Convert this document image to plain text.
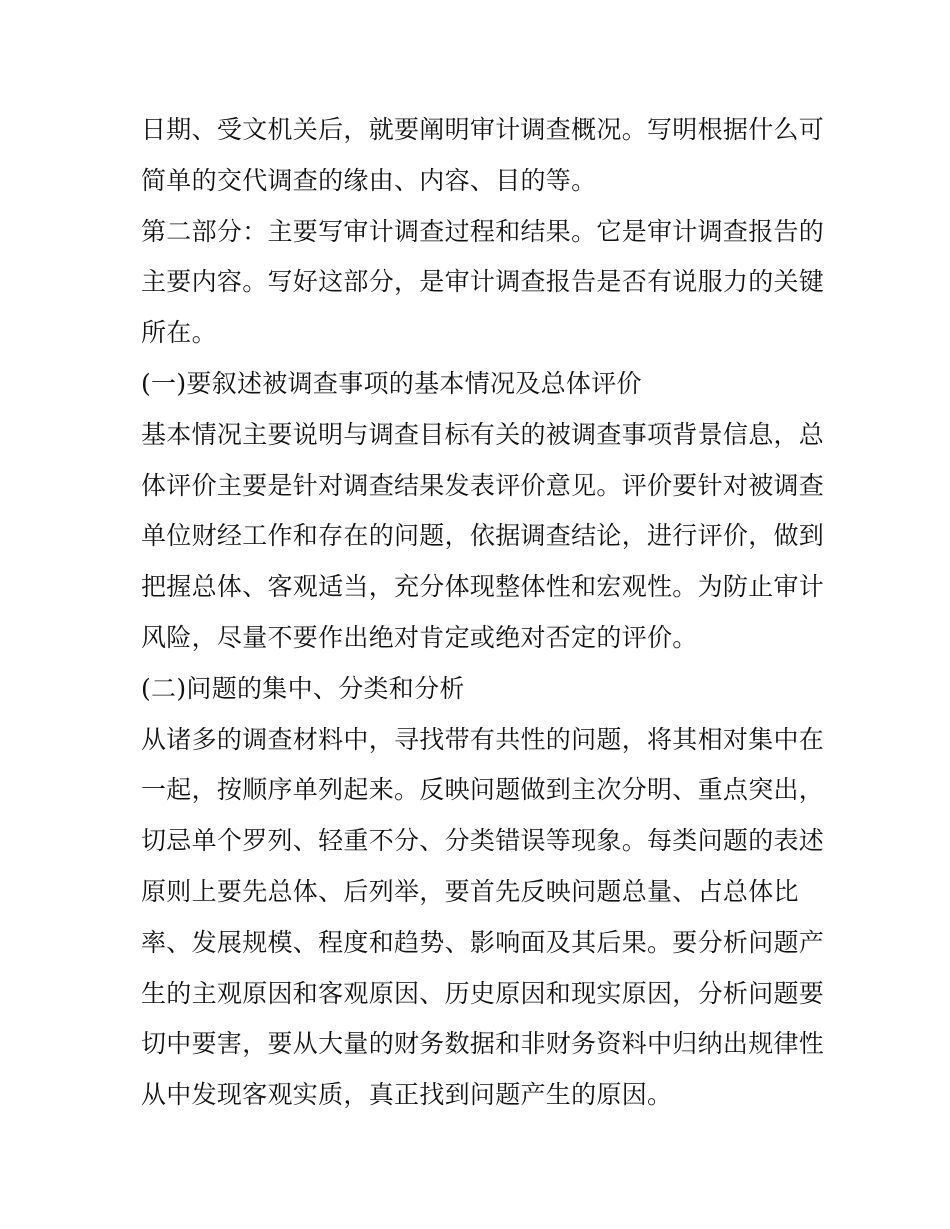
日期、受文机关后，就要阐明审计调查概况。写明根据什么可
简单的交代调查的缘由、内容、目的等。
第二部分：主要写审计调查过程和结果。它是审计调查报告的
主要内容。写好这部分，是审计调查报告是否有说服力的关键
所在。
(一)要叙述被调查事项的基本情况及总体评价
基本情况主要说明与调查目标有关的被调查事项背景信息，总
体评价主要是针对调查结果发表评价意见。评价要针对被调查
单位财经工作和存在的问题，依据调查结论，进行评价，做到
把握总体、客观适当，充分体现整体性和宏观性。为防止审计
风险，尽量不要作出绝对肯定或绝对否定的评价。
(二)问题的集中、分类和分析
从诸多的调查材料中，寻找带有共性的问题，将其相对集中在
一起，按顺序单列起来。反映问题做到主次分明、重点突出，
切忌单个罗列、轻重不分、分类错误等现象。每类问题的表述
原则上要先总体、后列举，要首先反映问题总量、占总体比
率、发展规模、程度和趋势、影响面及其后果。要分析问题产
生的主观原因和客观原因、历史原因和现实原因，分析问题要
切中要害，要从大量的财务数据和非财务资料中归纳出规律性
从中发现客观实质，真正找到问题产生的原因。
